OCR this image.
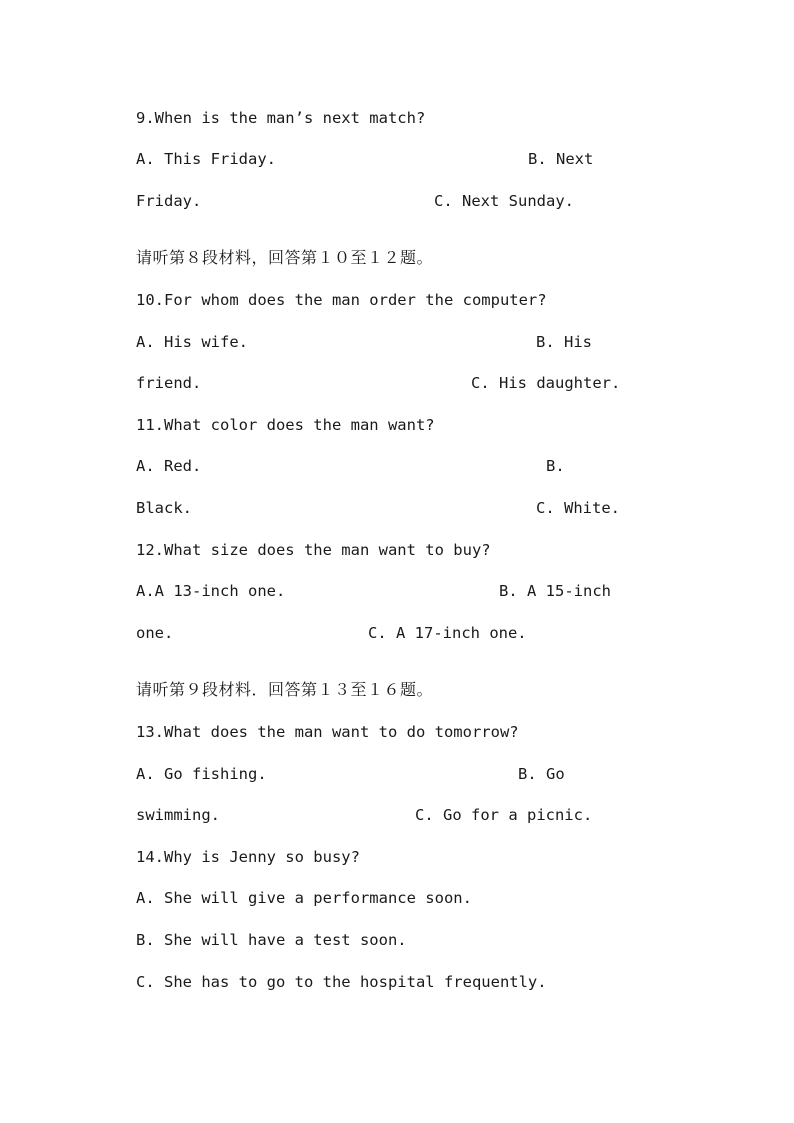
9.When is the man’s next match?
A. This Friday.	B. Next
Friday.	C. Next Sunday.
请听第８段材料，回答第１０至１２题。
10.For whom does the man order the computer?
A. His wife.	B. His
friend.	C. His daughter.
11.What color does the man want?
A. Red.	B.
Black.	C. White.
12.What size does the man want to buy?
A.A 13-inch one.	B. A 15-inch
one.	C. A 17-inch one.
请听第９段材料．回答第１３至１６题。
13.What does the man want to do tomorrow?
A. Go fishing.	B. Go
swimming.	C. Go for a picnic.
14.Why is Jenny so busy?
A. She will give a performance soon.
B. She will have a test soon.
C. She has to go to the hospital frequently.
